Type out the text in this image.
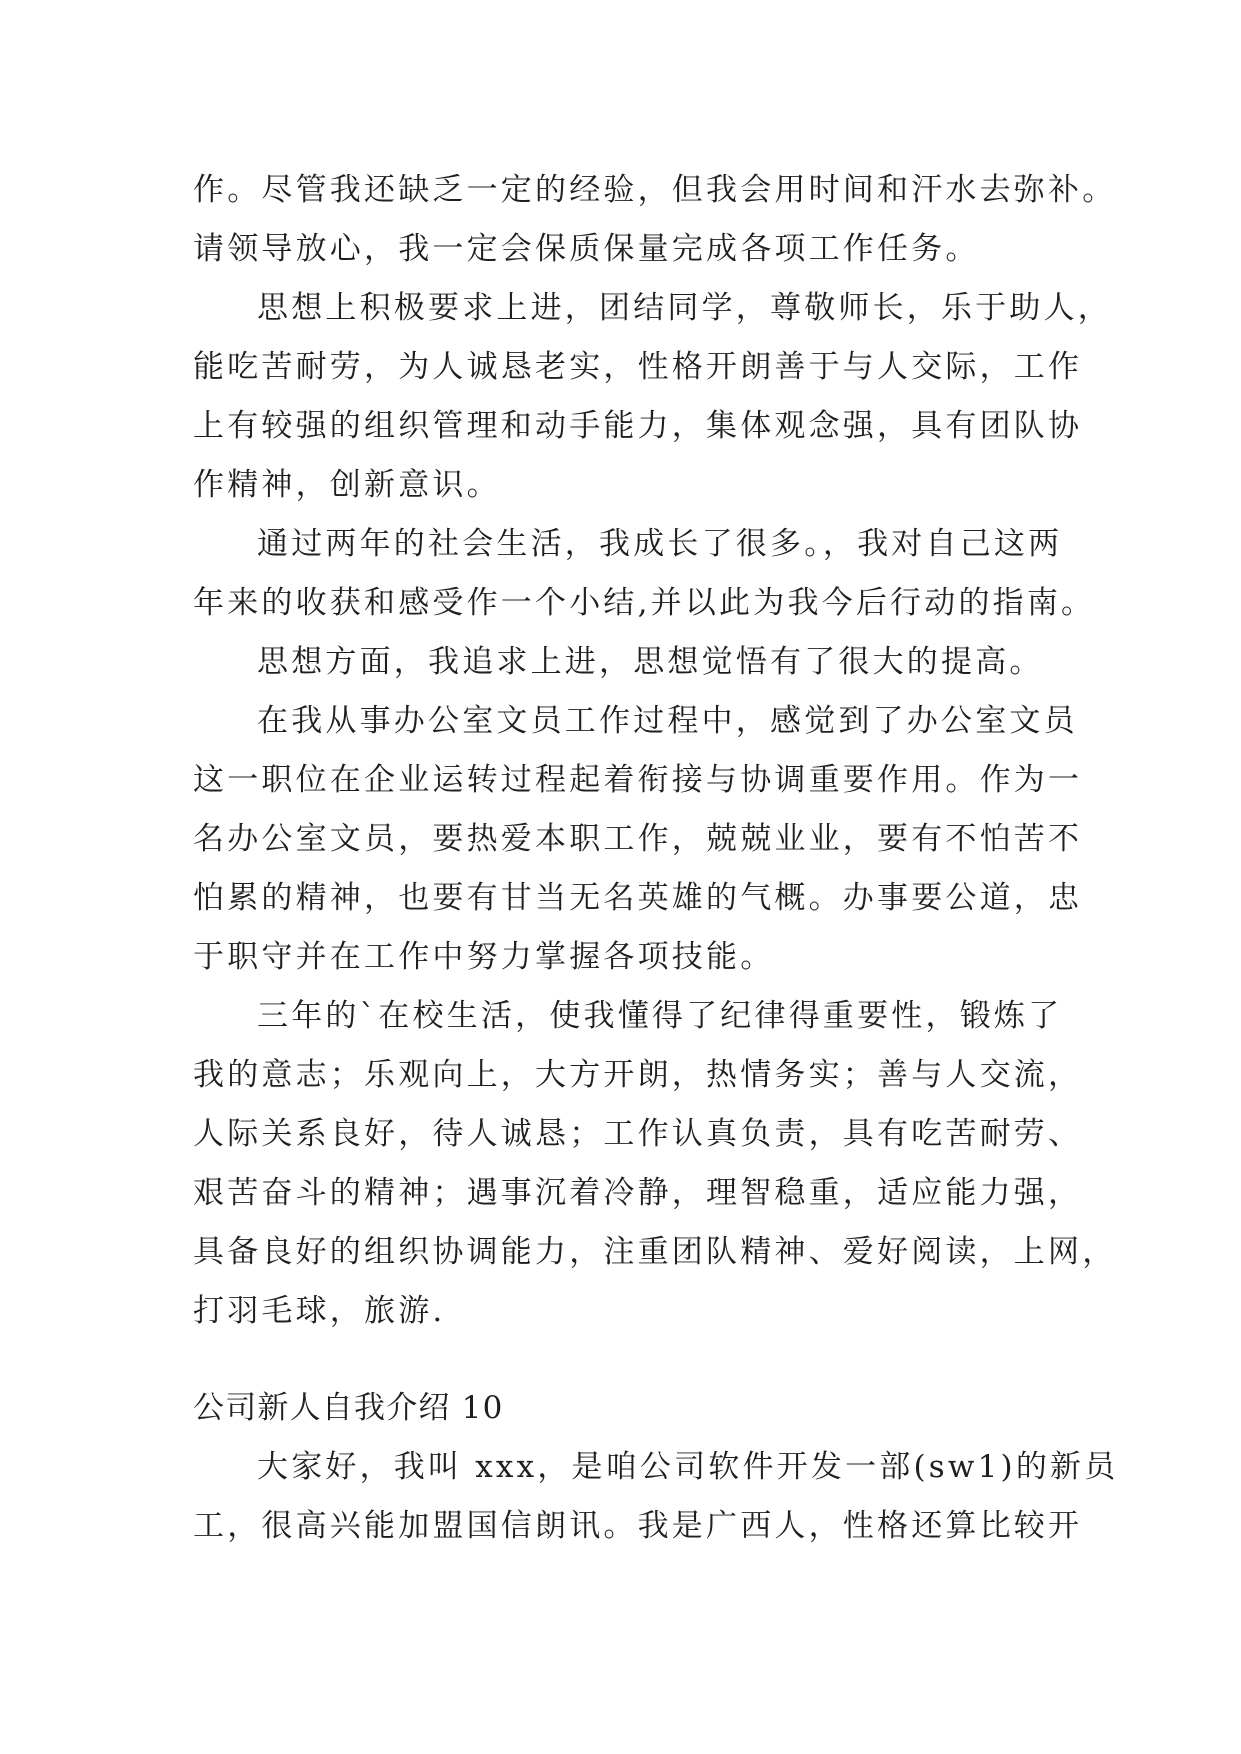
作。尽管我还缺乏一定的经验，但我会用时间和汗水去弥补。

请领导放心，我一定会保质保量完成各项工作任务。

思想上积极要求上进，团结同学，尊敬师长，乐于助人，

能吃苦耐劳，为人诚恳老实，性格开朗善于与人交际，工作

上有较强的组织管理和动手能力，集体观念强，具有团队协

作精神，创新意识。

通过两年的社会生活，我成长了很多。，我对自己这两

年来的收获和感受作一个小结,并以此为我今后行动的指南。

思想方面，我追求上进，思想觉悟有了很大的提高。

在我从事办公室文员工作过程中，感觉到了办公室文员

这一职位在企业运转过程起着衔接与协调重要作用。作为一

名办公室文员，要热爱本职工作，兢兢业业，要有不怕苦不

怕累的精神，也要有甘当无名英雄的气概。办事要公道，忠

于职守并在工作中努力掌握各项技能。

三年的`在校生活，使我懂得了纪律得重要性，锻炼了

我的意志；乐观向上，大方开朗，热情务实；善与人交流，

人际关系良好，待人诚恳；工作认真负责，具有吃苦耐劳、

艰苦奋斗的精神；遇事沉着冷静，理智稳重，适应能力强，

具备良好的组织协调能力，注重团队精神、爱好阅读，上网，

打羽毛球，旅游.

公司新人自我介绍 10

大家好，我叫 xxx，是咱公司软件开发一部(sw1)的新员

工，很高兴能加盟国信朗讯。我是广西人，性格还算比较开
